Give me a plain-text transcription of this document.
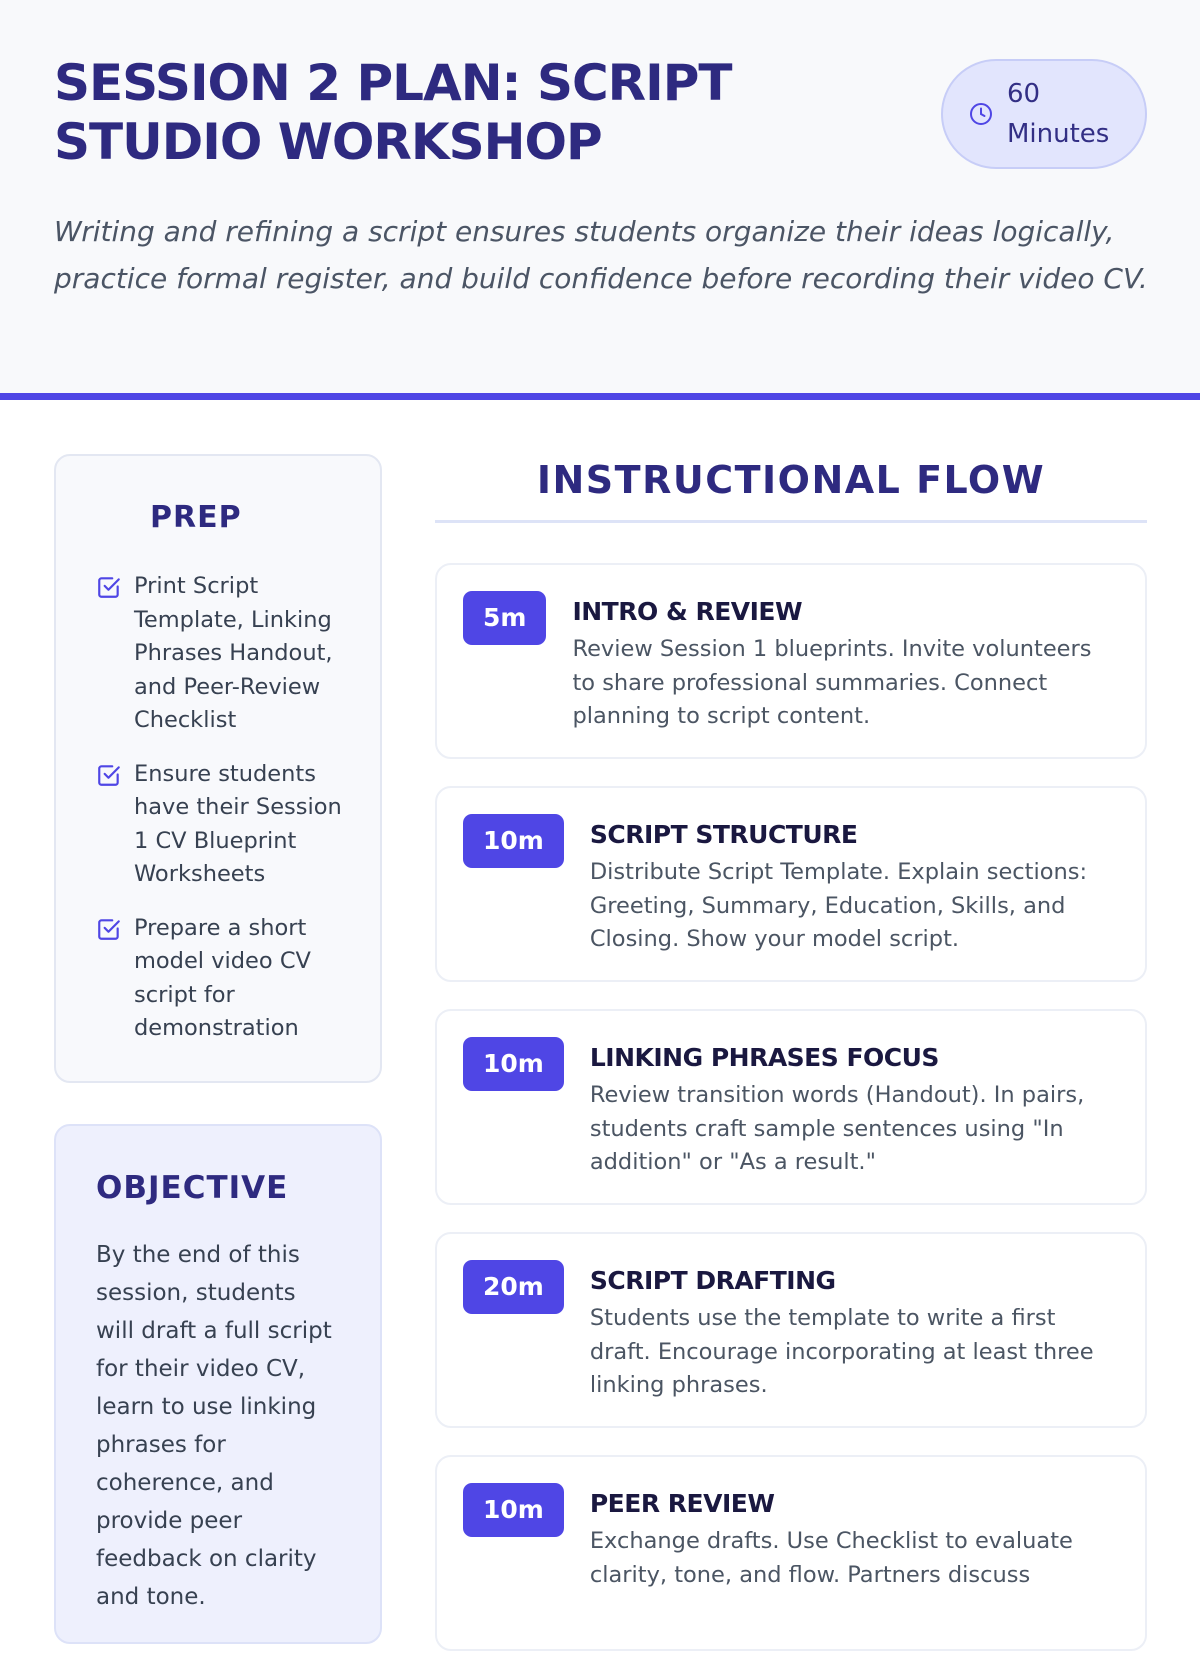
SESSION 2 PLAN: SCRIPT STUDIO WORKSHOP
60 Minutes

Writing and refining a script ensures students organize their ideas logically, practice formal register, and build confidence before recording their video CV.

PREP
Print Script Template, Linking Phrases Handout, and Peer-Review Checklist
Ensure students have their Session 1 CV Blueprint Worksheets
Prepare a short model video CV script for demonstration
OBJECTIVE

By the end of this session, students will draft a full script for their video CV, learn to use linking phrases for coherence, and provide peer feedback on clarity and tone.

INSTRUCTIONAL FLOW
5m	INTRO & REVIEW

Review Session 1 blueprints. Invite volunteers to share professional summaries. Connect planning to script content.

10m	SCRIPT STRUCTURE

Distribute Script Template. Explain sections: Greeting, Summary, Education, Skills, and Closing. Show your model script.

10m	LINKING PHRASES FOCUS

Review transition words (Handout). In pairs, students craft sample sentences using "In addition" or "As a result."

20m	SCRIPT DRAFTING

Students use the template to write a first draft. Encourage incorporating at least three linking phrases.

10m	PEER REVIEW

Exchange drafts. Use Checklist to evaluate clarity, tone, and flow. Partners discuss
